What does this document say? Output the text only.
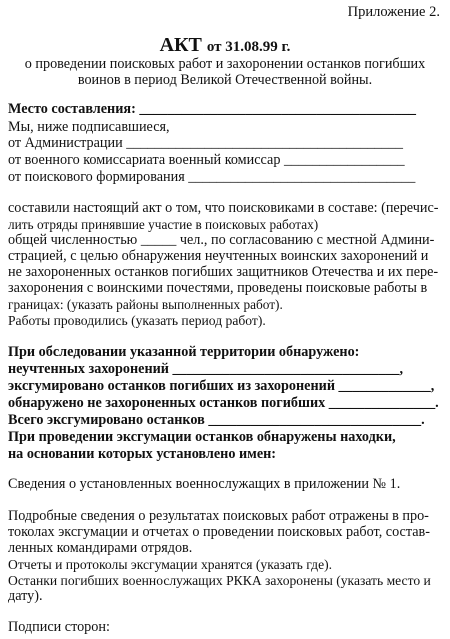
Приложение 2.
АКТ от 31.08.99 г.
о проведении поисковых работ и захоронении останков погибших
воинов в период Великой Отечественной войны.
Место составления: _______________________________________
Мы, ниже подписавшиеся,
от Администрации _______________________________________
от военного комиссариата военный комиссар _________________
от поискового формирования ________________________________
составили настоящий акт о том, что поисковиками в составе: (перечис-
лить отряды принявшие участие в поисковых работах)
общей численностью _____ чел., по согласованию с местной Админи-
страцией, с целью обнаружения неучтенных воинских захоронений и
не захороненных останков погибших защитников Отечества и их пере-
захоронения с воинскими почестями, проведены поисковые работы в
границах: (указать районы выполненных работ).
Работы проводились (указать период работ).
При обследовании указанной территории обнаружено:
неучтенных захоронений ________________________________,
эксгумировано останков погибших из захоронений _____________,
обнаружено не захороненных останков погибших _______________.
Всего эксгумировано останков ______________________________.
При проведении эксгумации останков обнаружены находки,
на основании которых установлено имен:
Сведения о установленных военнослужащих в приложении № 1.
Подробные сведения о результатах поисковых работ отражены в про-
токолах эксгумации и отчетах о проведении поисковых работ, состав-
ленных командирами отрядов.
Отчеты и протоколы эксгумации хранятся (указать где).
Останки погибших военнослужащих РККА захоронены (указать место и
дату).
Подписи сторон:
